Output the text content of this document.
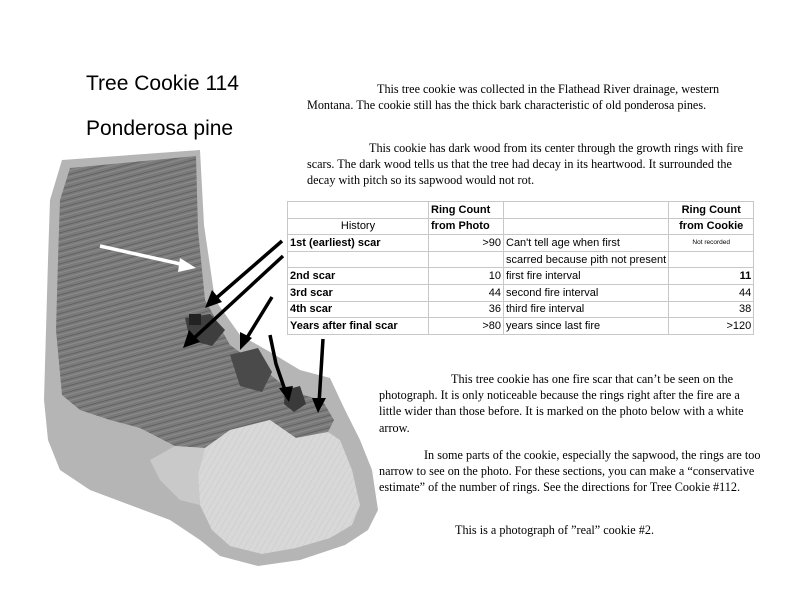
Tree Cookie 114
Ponderosa pine

This tree cookie was collected in the Flathead River drainage, western Montana. The cookie still has the thick bark characteristic of old ponderosa pines.

This cookie has dark wood from its center through the growth rings with fire scars. The dark wood tells us that the tree had decay in its heartwood. It surrounded the decay with pitch so its sapwood would not rot.

	Ring Count		Ring Count
History	from Photo		from Cookie
1st (earliest) scar	>90	Can't tell age when first	Not recorded
		scarred because pith not present	
2nd scar	10	first fire interval	11
3rd scar	44	second fire interval	44
4th scar	36	third fire interval	38
Years after final scar	>80	years since last fire	>120

This tree cookie has one fire scar that can’t be seen on the photograph. It is only noticeable because the rings right after the fire are a little wider than those before. It is marked on the photo below with a white arrow.

In some parts of the cookie, especially the sapwood, the rings are too narrow to see on the photo. For these sections, you can make a “conservative estimate” of the number of rings. See the directions for Tree Cookie #112.

This is a photograph of ”real” cookie #2.
